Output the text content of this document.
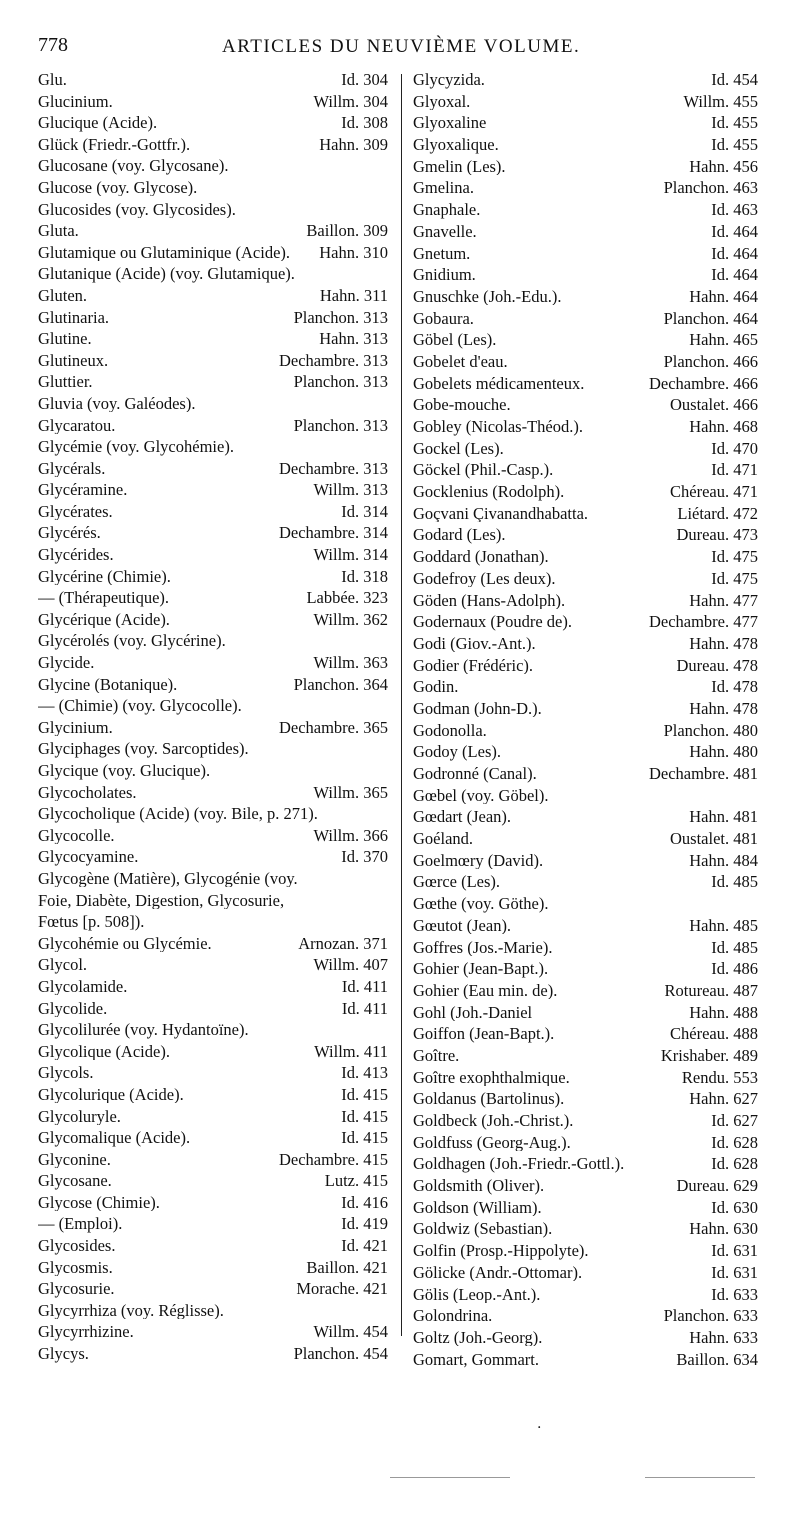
778	ARTICLES DU NEUVIÈME VOLUME.
Glu.	Id. 304
Glucinium.	Willm. 304
Glucique (Acide).	Id. 308
Glück (Friedr.-Gottfr.).	Hahn. 309
Glucosane (voy. Glycosane).
Glucose (voy. Glycose).
Glucosides (voy. Glycosides).
Gluta.	Baillon. 309
Glutamique ou Glutaminique (Acide).	Hahn. 310
Glutanique (Acide) (voy. Glutamique).
Gluten.	Hahn. 311
Glutinaria.	Planchon. 313
Glutine.	Hahn. 313
Glutineux.	Dechambre. 313
Gluttier.	Planchon. 313
Gluvia (voy. Galéodes).
Glycaratou.	Planchon. 313
Glycémie (voy. Glycohémie).
Glycérals.	Dechambre. 313
Glycéramine.	Willm. 313
Glycérates.	Id. 314
Glycérés.	Dechambre. 314
Glycérides.	Willm. 314
Glycérine (Chimie).	Id. 318
— (Thérapeutique).	Labbée. 323
Glycérique (Acide).	Willm. 362
Glycérolés (voy. Glycérine).
Glycide.	Willm. 363
Glycine (Botanique).	Planchon. 364
— (Chimie) (voy. Glycocolle).
Glycinium.	Dechambre. 365
Glyciphages (voy. Sarcoptides).
Glycique (voy. Glucique).
Glycocholates.	Willm. 365
Glycocholique (Acide) (voy. Bile, p. 271).
Glycocolle.	Willm. 366
Glycocyamine.	Id. 370
Glycogène (Matière), Glycogénie (voy.
Foie, Diabète, Digestion, Glycosurie,
Fœtus [p. 508]).
Glycohémie ou Glycémie.	Arnozan. 371
Glycol.	Willm. 407
Glycolamide.	Id. 411
Glycolide.	Id. 411
Glycolilurée (voy. Hydantoïne).
Glycolique (Acide).	Willm. 411
Glycols.	Id. 413
Glycolurique (Acide).	Id. 415
Glycoluryle.	Id. 415
Glycomalique (Acide).	Id. 415
Glyconine.	Dechambre. 415
Glycosane.	Lutz. 415
Glycose (Chimie).	Id. 416
— (Emploi).	Id. 419
Glycosides.	Id. 421
Glycosmis.	Baillon. 421
Glycosurie.	Morache. 421
Glycyrrhiza (voy. Réglisse).
Glycyrrhizine.	Willm. 454
Glycys.	Planchon. 454
Glycyzida.	Id. 454
Glyoxal.	Willm. 455
Glyoxaline	Id. 455
Glyoxalique.	Id. 455
Gmelin (Les).	Hahn. 456
Gmelina.	Planchon. 463
Gnaphale.	Id. 463
Gnavelle.	Id. 464
Gnetum.	Id. 464
Gnidium.	Id. 464
Gnuschke (Joh.-Edu.).	Hahn. 464
Gobaura.	Planchon. 464
Göbel (Les).	Hahn. 465
Gobelet d'eau.	Planchon. 466
Gobelets médicamenteux.	Dechambre. 466
Gobe-mouche.	Oustalet. 466
Gobley (Nicolas-Théod.).	Hahn. 468
Gockel (Les).	Id. 470
Göckel (Phil.-Casp.).	Id. 471
Gocklenius (Rodolph).	Chéreau. 471
Goçvani Çivanandhabatta.	Liétard. 472
Godard (Les).	Dureau. 473
Goddard (Jonathan).	Id. 475
Godefroy (Les deux).	Id. 475
Göden (Hans-Adolph).	Hahn. 477
Godernaux (Poudre de).	Dechambre. 477
Godi (Giov.-Ant.).	Hahn. 478
Godier (Frédéric).	Dureau. 478
Godin.	Id. 478
Godman (John-D.).	Hahn. 478
Godonolla.	Planchon. 480
Godoy (Les).	Hahn. 480
Godronné (Canal).	Dechambre. 481
Gœbel (voy. Göbel).
Gœdart (Jean).	Hahn. 481
Goéland.	Oustalet. 481
Goelmœry (David).	Hahn. 484
Gœrce (Les).	Id. 485
Gœthe (voy. Göthe).
Gœutot (Jean).	Hahn. 485
Goffres (Jos.-Marie).	Id. 485
Gohier (Jean-Bapt.).	Id. 486
Gohier (Eau min. de).	Rotureau. 487
Gohl (Joh.-Daniel	Hahn. 488
Goiffon (Jean-Bapt.).	Chéreau. 488
Goître.	Krishaber. 489
Goître exophthalmique.	Rendu. 553
Goldanus (Bartolinus).	Hahn. 627
Goldbeck (Joh.-Christ.).	Id. 627
Goldfuss (Georg-Aug.).	Id. 628
Goldhagen (Joh.-Friedr.-Gottl.).	Id. 628
Goldsmith (Oliver).	Dureau. 629
Goldson (William).	Id. 630
Goldwiz (Sebastian).	Hahn. 630
Golfin (Prosp.-Hippolyte).	Id. 631
Gölicke (Andr.-Ottomar).	Id. 631
Gölis (Leop.-Ant.).	Id. 633
Golondrina.	Planchon. 633
Goltz (Joh.-Georg).	Hahn. 633
Gomart, Gommart.	Baillon. 634
.
